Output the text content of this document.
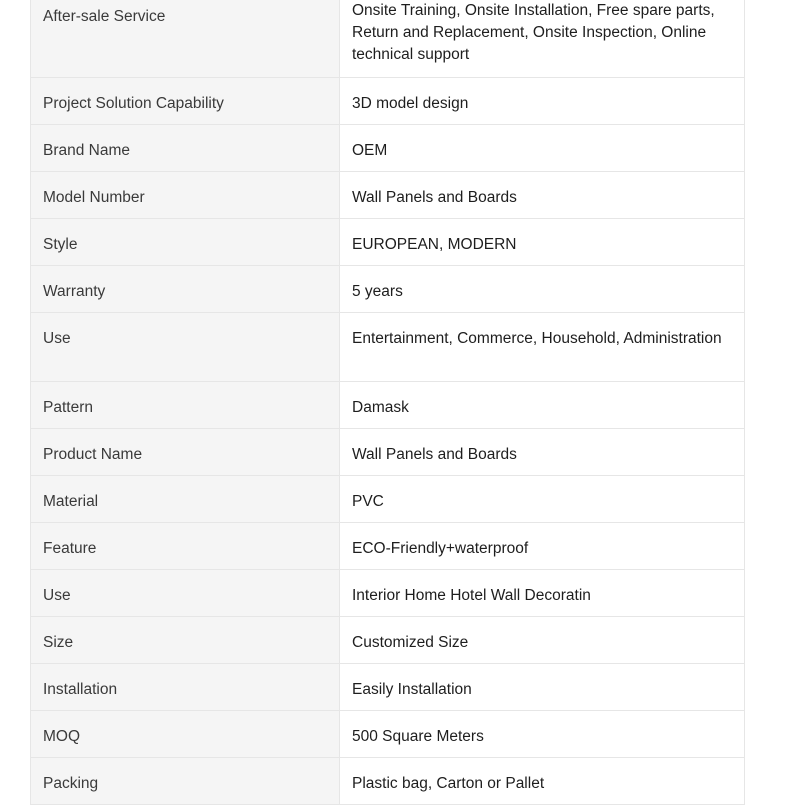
After-sale Service	Onsite Training, Onsite Installation, Free spare parts, Return and Replacement, Onsite Inspection, Online technical support
Project Solution Capability	3D model design
Brand Name	OEM
Model Number	Wall Panels and Boards
Style	EUROPEAN, MODERN
Warranty	5 years
Use	Entertainment, Commerce, Household, Administration
Pattern	Damask
Product Name	Wall Panels and Boards
Material	PVC
Feature	ECO-Friendly+waterproof
Use	Interior Home Hotel Wall Decoratin
Size	Customized Size
Installation	Easily Installation
MOQ	500 Square Meters
Packing	Plastic bag, Carton or Pallet
